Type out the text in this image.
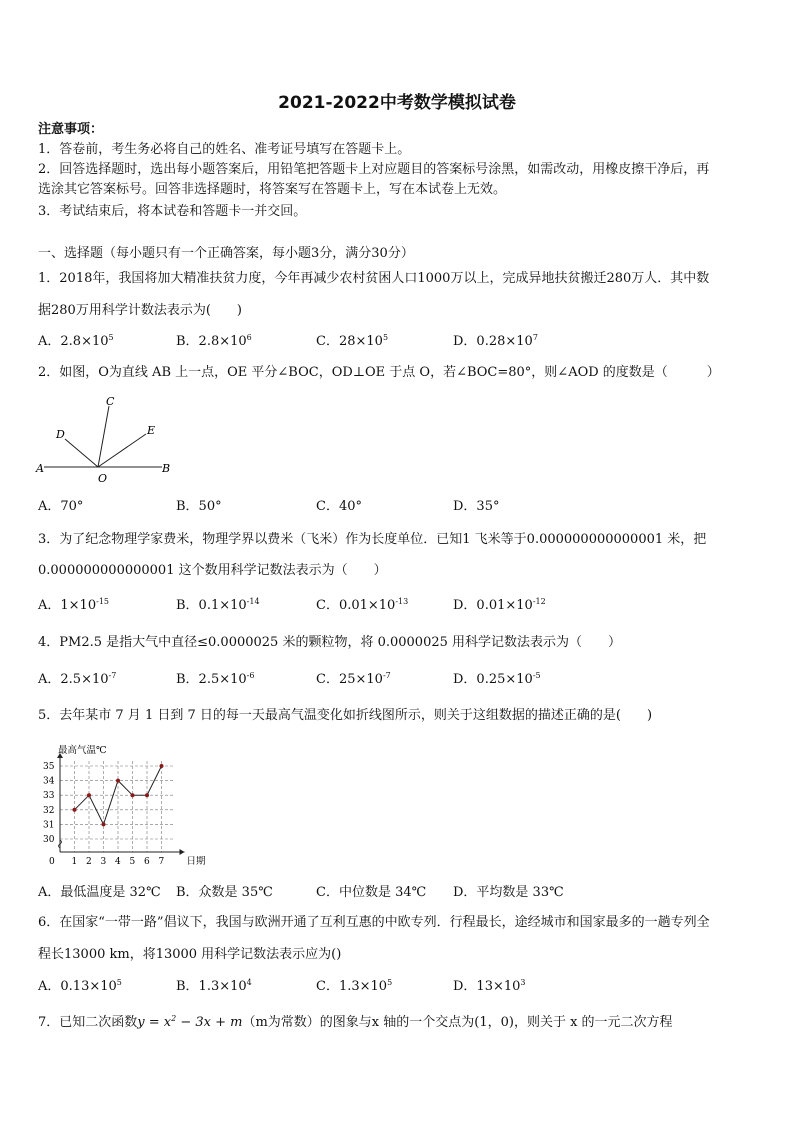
2021-2022中考数学模拟试卷
注意事项：
1．答卷前，考生务必将自己的姓名、准考证号填写在答题卡上。
2．回答选择题时，选出每小题答案后，用铅笔把答题卡上对应题目的答案标号涂黑，如需改动，用橡皮擦干净后，再
选涂其它答案标号。回答非选择题时，将答案写在答题卡上，写在本试卷上无效。
3．考试结束后，将本试卷和答题卡一并交回。
一、选择题（每小题只有一个正确答案，每小题3分，满分30分）
1．2018年，我国将加大精准扶贫力度，今年再减少农村贫困人口1000万以上，完成异地扶贫搬迁280万人．其中数
据280万用科学计数法表示为(　　)
A．$2.8\times 10^5$	B．$2.8\times 10^6$	C．$28\times 10^5$	D．$0.28\times 10^7$
2．如图，O为直线 AB 上一点，OE 平分∠BOC，OD⊥OE 于点 O，若∠BOC=80°，则∠AOD 的度数是（　　　）
A	B
C
D	E
O
A．70°	B．50°	C．40°	D．35°
3．为了纪念物理学家费米，物理学界以费米（飞米）作为长度单位．已知1 飞米等于0.000000000000001 米，把
0.000000000000001 这个数用科学记数法表示为（　　）
A．$1\times 10^{-15}$	B．$0.1\times 10^{-14}$	C．$0.01\times 10^{-13}$	D．$0.01\times 10^{-12}$
4．PM2.5 是指大气中直径≤0.0000025 米的颗粒物，将 0.0000025 用科学记数法表示为（　　）
A．$2.5\times 10^{-7}$	B．$2.5\times 10^{-6}$	C．$25\times 10^{-7}$	D．$0.25\times 10^{-5}$
5．去年某市 7 月 1 日到 7 日的每一天最高气温变化如折线图所示，则关于这组数据的描述正确的是(　　)
最高气温℃
日期
0
30
31
32
33
34
35
1 2 3 4 5 6 7
A．最低温度是 32℃ B．众数是 35℃	C．中位数是 34℃ D．平均数是 33℃
6．在国家“一带一路”倡议下，我国与欧洲开通了互利互惠的中欧专列．行程最长，途经城市和国家最多的一趟专列全
程长13000 km，将13000 用科学记数法表示应为()
A．$0.13\times 10^5$	B．$1.3\times 10^4$	C．$1.3\times 10^5$	D．$13\times 10^3$
7．已知二次函数$y = x^2 - 3x + m(m$为常数）的图象与x 轴的一个交点为(1，0)，则关于 x 的一元二次方程
